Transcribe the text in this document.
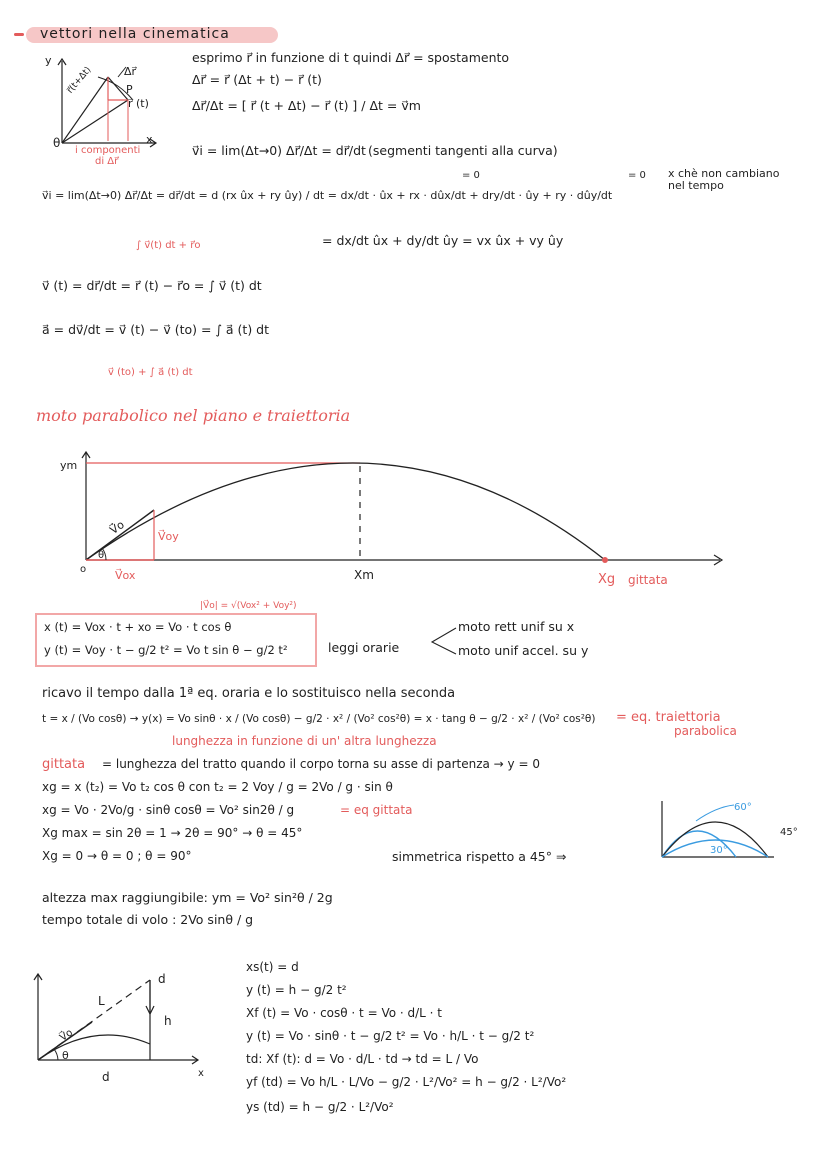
vettori nella cinematica
y
x
θ
Δr⃗
r⃗(t+Δt)	P
r⃗ (t)
i componenti
di Δr⃗
esprimo r⃗ in funzione di t quindi Δr⃗ = spostamento
Δr⃗ = r⃗ (Δt + t) − r⃗ (t)
Δr⃗/Δt = [ r⃗ (t + Δt) − r⃗ (t) ] / Δt = v⃗m
v⃗i = lim(Δt→0) Δr⃗/Δt = dr⃗/dt (segmenti tangenti alla curva)
= 0	= 0
v⃗i = lim(Δt→0) Δr⃗/Δt = dr⃗/dt = d (rx ûx + ry ûy) / dt = dx/dt · ûx + rx · dûx/dt + dry/dt · ûy + ry · dûy/dt
x chè non cambiano nel tempo
= dx/dt ûx + dy/dt ûy = vx ûx + vy ûy
∫ v⃗(t) dt + r⃗o
v⃗ (t) = dr⃗/dt = r⃗ (t) − r⃗o = ∫ v⃗ (t) dt
a⃗ = dv⃗/dt = v⃗ (t) − v⃗ (to) = ∫ a⃗ (t) dt
v⃗ (to) + ∫ a⃗ (t) dt
moto parabolico nel piano e traiettoria
ym
o
V⃗o	V⃗oy
θ
V⃗ox	Xm	Xg gittata
|V⃗o| = √(Vox² + Voy²)
x (t) = Vox · t + xo = Vo · t cos θ
y (t) = Voy · t − g/2 t² = Vo t sin θ − g/2 t²	leggi orarie
moto rett unif su x
moto unif accel. su y
ricavo il tempo dalla 1ª eq. oraria e lo sostituisco nella seconda
t = x / (Vo cosθ) → y(x) = Vo sinθ · x / (Vo cosθ) − g/2 · x² / (Vo² cos²θ) = x · tang θ − g/2 · x² / (Vo² cos²θ) = eq. traiettoria
parabolica
lunghezza in funzione di un' altra lunghezza
gittata = lunghezza del tratto quando il corpo torna su asse di partenza → y = 0
xg = x (t₂) = Vo t₂ cos θ con t₂ = 2 Voy / g = 2Vo / g · sin θ
xg = Vo · 2Vo/g · sinθ cosθ = Vo² sin2θ / g	= eq gittata
Xg max = sin 2θ = 1 → 2θ = 90° → θ = 45°
Xg = 0 → θ = 0 ; θ = 90°	simmetrica rispetto a 45° ⇒
60°
45°
30°
altezza max raggiungibile: ym = Vo² sin²θ / 2g
tempo totale di volo : 2Vo sinθ / g
d
L
h
V⃗o
θ
d	x
xs(t) = d
y (t) = h − g/2 t²
Xf (t) = Vo · cosθ · t = Vo · d/L · t
y (t) = Vo · sinθ · t − g/2 t² = Vo · h/L · t − g/2 t²
td: Xf (t): d = Vo · d/L · td → td = L / Vo
yf (td) = Vo h/L · L/Vo − g/2 · L²/Vo² = h − g/2 · L²/Vo²
ys (td) = h − g/2 · L²/Vo²
